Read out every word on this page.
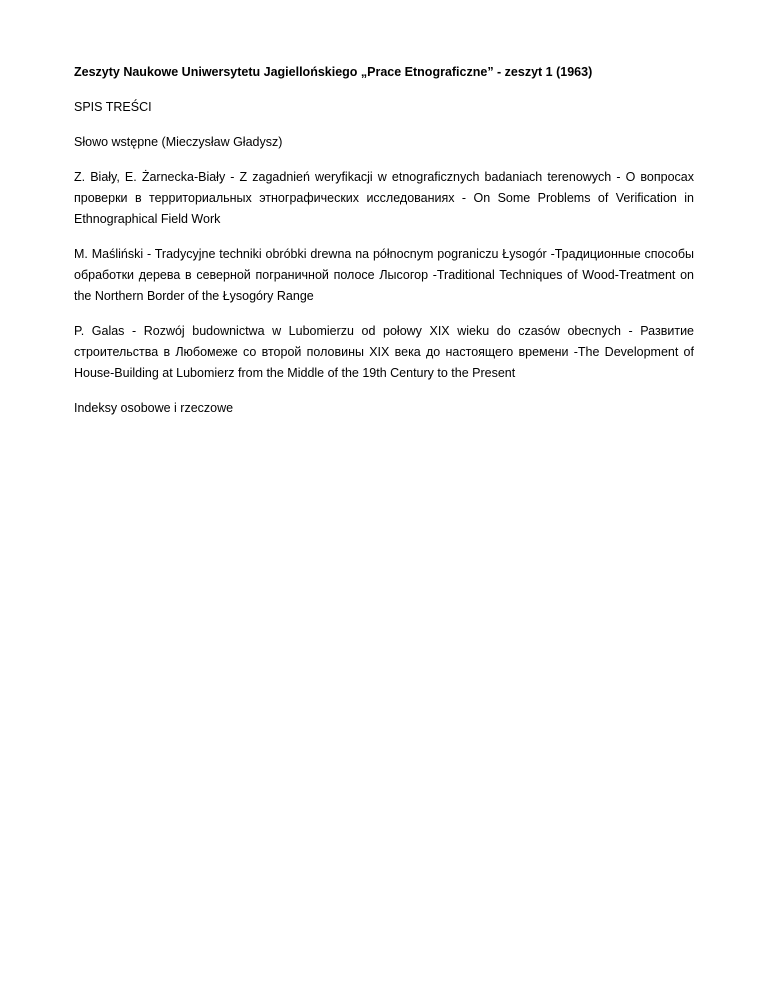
Zeszyty Naukowe Uniwersytetu Jagiellońskiego „Prace Etnograficzne” - zeszyt 1 (1963)

SPIS TREŚCI

Słowo wstępne (Mieczysław Gładysz)

Z. Biały, E. Żarnecka-Biały - Z zagadnień weryfikacji w etnograficznych badaniach terenowych - О вопросах проверки в территориальных этнографических исследованиях - On Some Problems of Verification in Ethnographical Field Work

M. Maśliński - Tradycyjne techniki obróbki drewna na północnym pograniczu Łysogór -Традиционные способы обработки дерева в северной пограничной полосе Лысогор -Traditional Techniques of Wood-Treatment on the Northern Border of the Łysogóry Range

P. Galas - Rozwój budownictwa w Lubomierzu od połowy XIX wieku do czasów obecnych - Развитие строительства в Любомеже со второй половины XIX века до настоящего времени -The Development of House-Building at Lubomierz from the Middle of the 19th Century to the Present

Indeksy osobowe i rzeczowe
